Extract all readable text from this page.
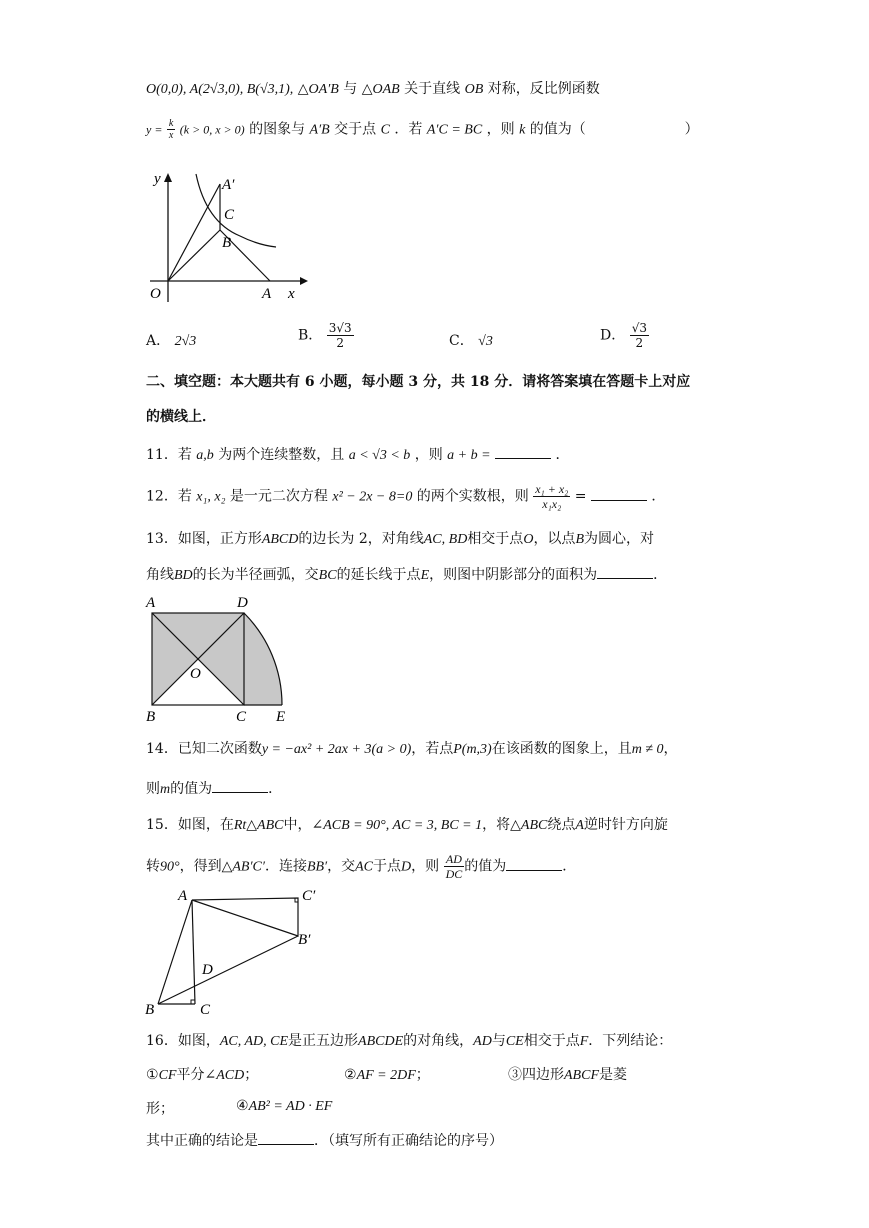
O(0,0), A(2√3,0), B(√3,1), △OA′B 与 △OAB 关于直线 OB 对称，反比例函数
$y = \frac{k}{x} (k > 0$, x > 0) 的图象与 A′B 交于点 C ．若 A′C = BC ，则 k 的值为（	）
y
x
O	A
A′
C
B
A． 2√3	B． $\frac{3√3}{2}$	C． √3	D． $\frac{√3}{2}$
二、填空题：本大题共有 6 小题，每小题 3 分，共 18 分．请将答案填在答题卡上对应
的横线上．
11．若 a,b 为两个连续整数，且 a < √3 < b ，则 a + b =	．
12．若 x₁, x₂ 是一元二次方程 x² − 2x − 8=0 的两个实数根，则 $\frac{\text{x₁ + x₂}}{\text{x₁x₂}}$ =	．
13．如图，正方形ABCD的边长为 2，对角线AC, BD相交于点O，以点B为圆心，对
角线BD的长为半径画弧，交BC的延长线于点E，则图中阴影部分的面积为	．
A	D
O
B	C E
14．已知二次函数y = −ax² + 2ax + 3(a > 0)，若点P(m,3)在该函数的图象上，且m ≠ 0，
则m的值为	．
15．如图，在Rt△ABC中，∠ACB = 90°, AC = 3, BC = 1，将△ABC绕点A逆时针方向旋
转90°，得到△AB′C′．连接BB′，交AC于点D，则 $\frac{AD}{DC}$ 的值为	．
A	C′
B′
D
B	C
16．如图，AC, AD, CE是正五边形ABCDE的对角线，AD与CE相交于点F．下列结论：
①CF平分∠ACD；	②AF = 2DF；	③四边形ABCF是菱
形；	④AB² = AD · EF
其中正确的结论是	．（填写所有正确结论的序号）
